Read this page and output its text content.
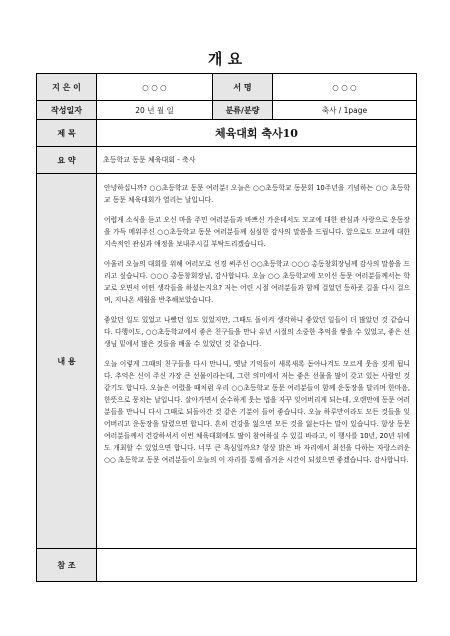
개 요
지 은 이	○ ○ ○	서 명	○ ○ ○
작성일자	20 년 월 일	분류/분량	축사 / 1page
제 목	체육대회 축사10		
요 약	초등학교 동문 체육대회 - 축사		
내 용	안녕하십니까? ○○초등학교 동문 여러분! 오늘은 ○○초등학교 동문회 10주년을 기념하는 ○○ 초등학교 동문 체육대회가 열리는 날입니다.

어렵게 소식을 듣고 오신 마을 주민 여러분들과 바쁘신 가운데서도 모교에 대한 관심과 사랑으로 운동장을 가득 메워주신 ○○초등학교 동문 여러분들께 심심한 감사의 말씀을 드립니다. 앞으로도 모교에 대한 지속적인 관심과 애정을 보내주시길 부탁드리겠습니다.

아울러 오늘의 대회를 위해 여러모로 신경 써주신 ○○초등학교 ○○○ 총동창회장님께 감사의 말씀을 드리고 싶습니다. ○○○ 총동창회장님, 감사합니다. 오늘 ○○ 초등학교에 모이신 동문 여러분들께서는 학교로 오면서 어떤 생각들을 하셨는지요? 저는 어린 시절 여러분들과 함께 걸었던 등하굣 길을 다시 걸으며, 지나온 세월을 반추해보았습니다.

좋았던 일도 있었고 나빴던 일도 있었지만, 그때도 돌이켜 생각하니 좋았던 일들이 더 많았던 것 같습니다. 다행이도, ○○초등학교에서 좋은 친구들을 만나 유년 시절의 소중한 추억을 쌓을 수 있었고, 좋은 선생님 밑에서 많은 것들을 배울 수 있었던 것 같습니다.

오늘 이렇게 그때의 친구들을 다시 만나니, 옛날 기억들이 새록새록 돋아나겨도 모르게 웃음 짓게 됩니다. 추억은 신이 주신 가장 큰 선물이라는데, 그런 의미에서 저는 좋은 선물을 많이 갖고 있는 사람인 것 같기도 합니다. 오늘은 어렸을 때처럼 우리 ○○초등학교 동문 여러분들이 함께 운동장을 달리며 한마음, 한뜻으로 뭉치는 날입니다. 살아가면서 순수하게 웃는 법을 자꾸 잊어버리게 되는데, 오랜만에 동문 여러분들을 만나니 다시 그때로 되돌아간 것 같은 기분이 들어 좋습니다. 오늘 하루만이라도 모든 것들을 잊어버리고 운동장을 달렸으면 합니다. 흔히 건강을 잃으면 모든 것을 잃는다는 말이 있습니다. 항상 동문 여러분들께서 건강하셔서 이번 체육대회에도 많이 참여하실 수 있길 바라고, 이 행사를 10년, 20년 뒤에도 개최할 수 있었으면 합니다. 너무 큰 욕심일까요? 항상 밝은 바 자리에서 최선을 다하는 자랑스러운 ○○ 초등학교 동문 여러분들이 오늘의 이 자리를 통해 즐거운 시간이 되셨으면 좋겠습니다. 감사합니다.		

참 조			
